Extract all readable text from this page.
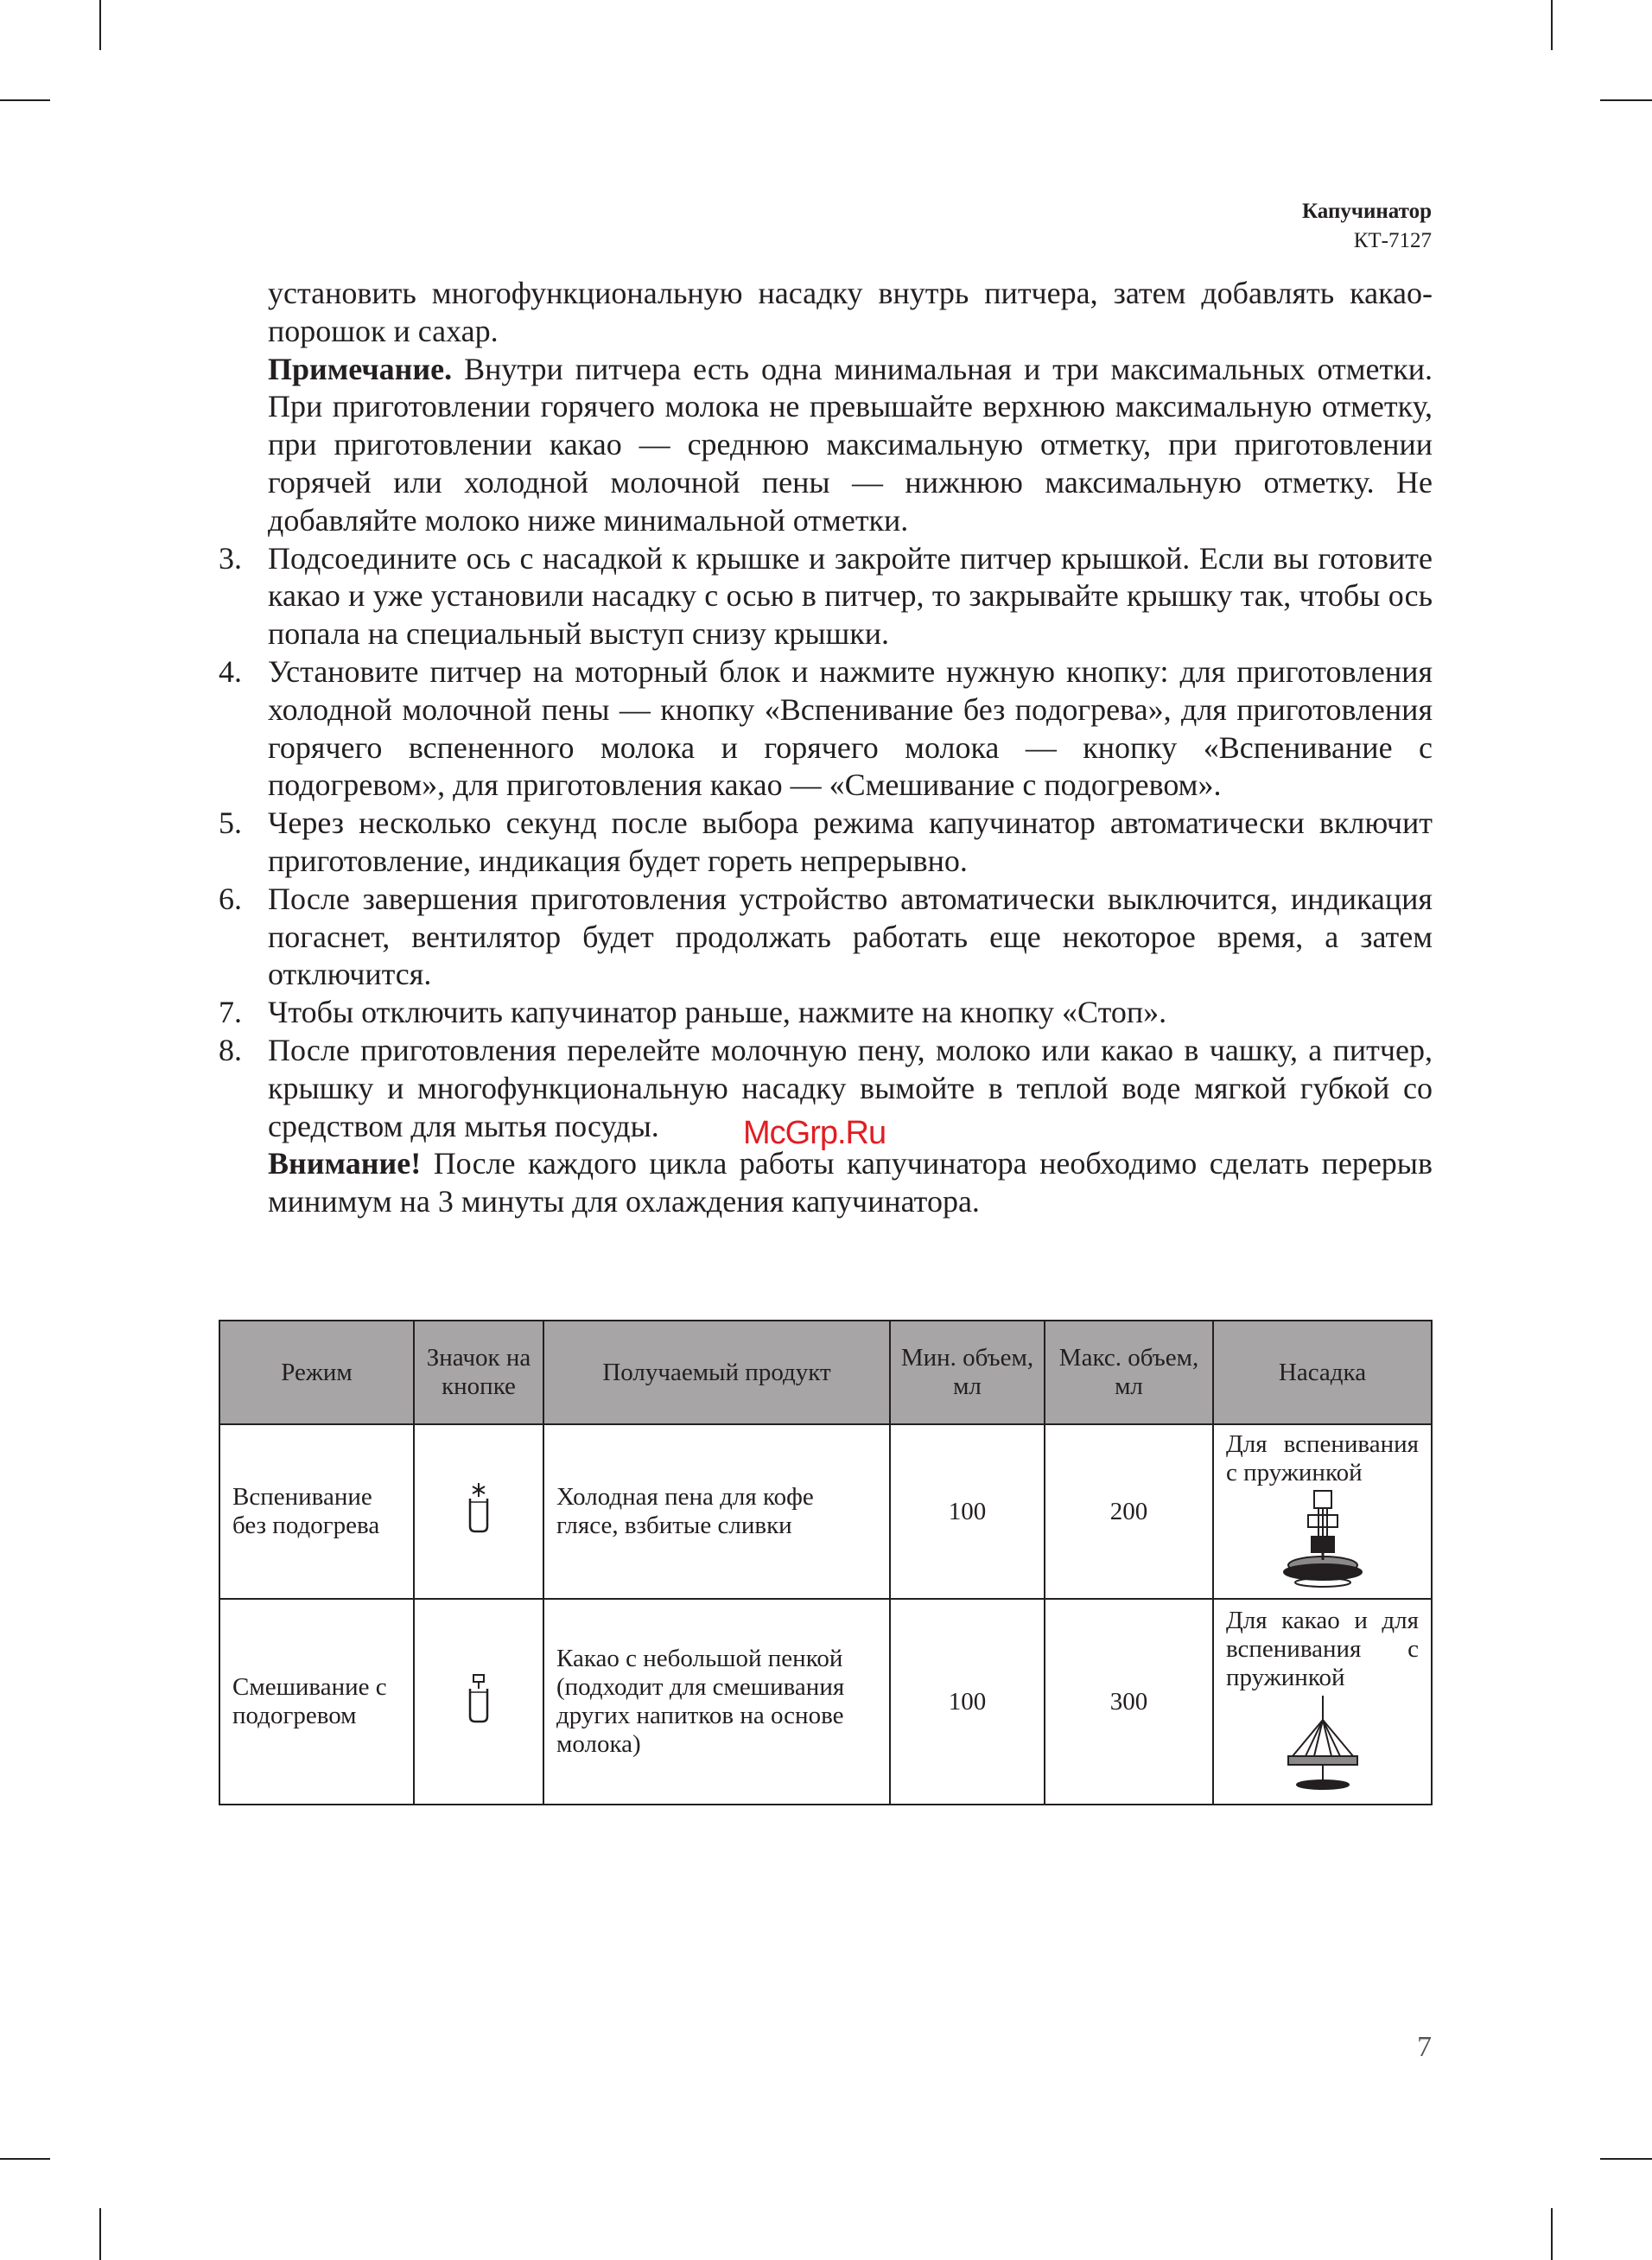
Капучинатор
КТ-7127

установить многофункциональную насадку внутрь питчера, затем добавлять какао-порошок и сахар.

Примечание. Внутри питчера есть одна минимальная и три максимальных отметки. При приготовлении горячего молока не превышайте верхнюю максимальную отметку, при приготовлении какао — среднюю максимальную отметку, при приготовлении горячей или холодной молочной пены — нижнюю максимальную отметку. Не добавляйте молоко ниже минимальной отметки.

3. Подсоедините ось с насадкой к крышке и закройте питчер крышкой. Если вы готовите какао и уже установили насадку с осью в питчер, то закрывайте крышку так, чтобы ось попала на специальный выступ снизу крышки.
4. Установите питчер на моторный блок и нажмите нужную кнопку: для приготовления холодной молочной пены — кнопку «Вспенивание без подогрева», для приготовления горячего вспененного молока и горячего молока — кнопку «Вспенивание с подогревом», для приготовления какао — «Смешивание с подогревом».
5. Через несколько секунд после выбора режима капучинатор автоматически включит приготовление, индикация будет гореть непрерывно.
6. После завершения приготовления устройство автоматически выключится, индикация погаснет, вентилятор будет продолжать работать еще некоторое время, а затем отключится.
7. Чтобы отключить капучинатор раньше, нажмите на кнопку «Стоп».
8. После приготовления перелейте молочную пену, молоко или какао в чашку, а питчер, крышку и многофункциональную насадку вымойте в теплой воде мягкой губкой со средством для мытья посуды.

Внимание! После каждого цикла работы капучинатора необходимо сделать перерыв минимум на 3 минуты для охлаждения капучинатора.

McGrp.Ru
Режим	Значок на кнопке	Получаемый продукт	Мин. объем, мл	Макс. объем, мл	Насадка
Вспенивание без подогрева		Холодная пена для кофе глясе, взбитые сливки	100	200	Для вспенивания с пружинкой

Смешивание с подогревом		Какао с небольшой пенкой (подходит для смешивания других напитков на основе молока)	100	300	Для какао и для вспенивания с пружинкой
7
